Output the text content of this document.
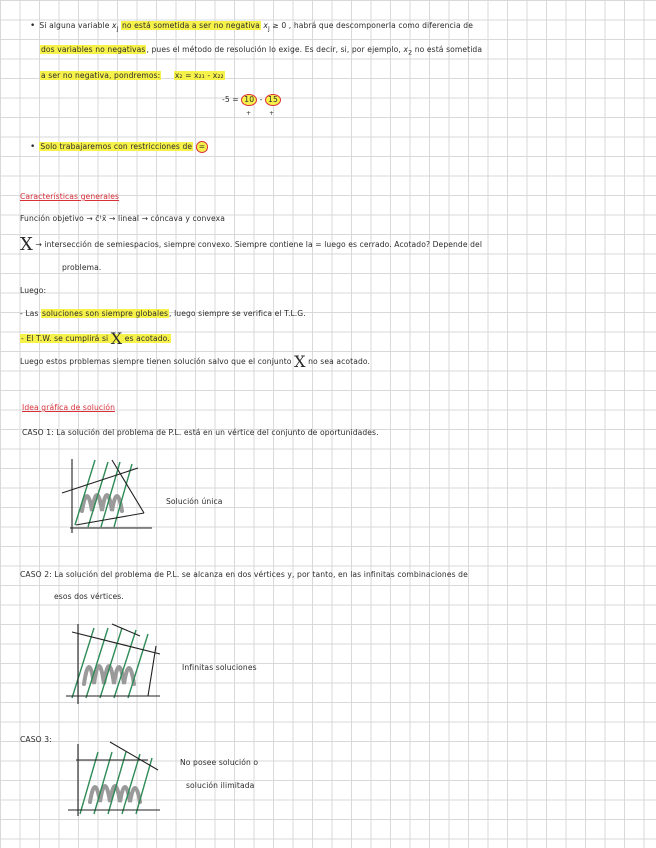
• Si alguna variable $x_j$ no está sometida a ser no negativa $x_j \ge 0$ , habrá que descomponerla como diferencia de
dos variables no negativas, pues el método de resolución lo exige. Es decir, si, por ejemplo, $x_2$ no está sometida
a ser no negativa, pondremos: x₂ = x₂₁ - x₂₂
-5 = 10 - 15
+	+
• Solo trabajaremos con restricciones de =
Características generales
Función objetivo → c̄ᵗx̄ → lineal → cóncava y convexa
X → intersección de semiespacios, siempre convexo. Siempre contiene la = luego es cerrado. Acotado? Depende del
problema.
Luego:
- Las soluciones son siempre globales, luego siempre se verifica el T.L.G.
- El T.W. se cumplirá si X es acotado.
Luego estos problemas siempre tienen solución salvo que el conjunto X no sea acotado.
Idea gráfica de solución
CASO 1: La solución del problema de P.L. está en un vértice del conjunto de oportunidades.
Solución única
CASO 2: La solución del problema de P.L. se alcanza en dos vértices y, por tanto, en las infinitas combinaciones de
esos dos vértices.
Infinitas soluciones
CASO 3:
No posee solución o
solución ilimitada
